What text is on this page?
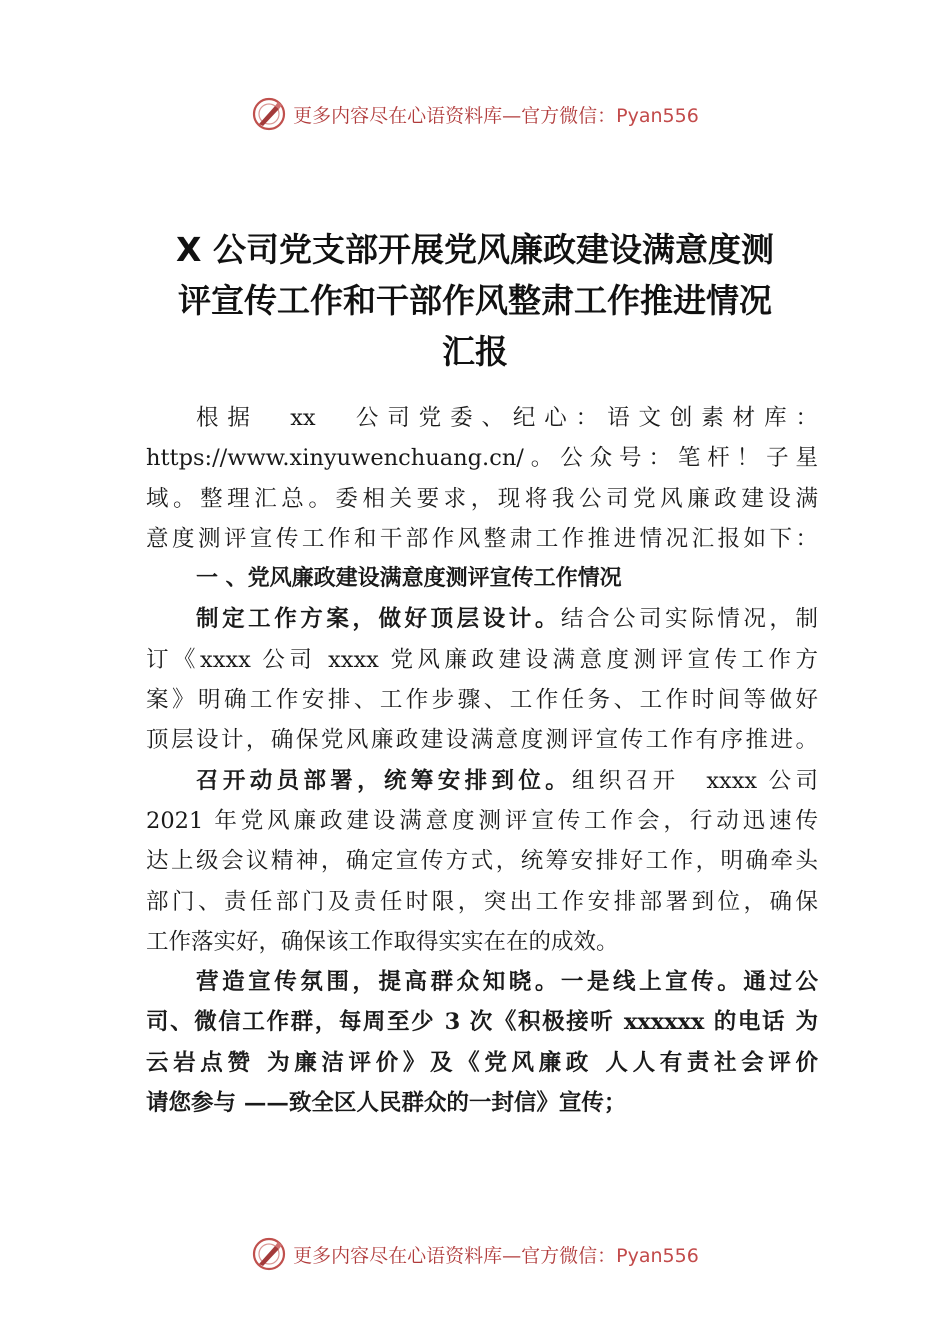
更多内容尽在心语资料库—官方微信：Pyan556
X 公司党支部开展党风廉政建设满意度测
评宣传工作和干部作风整肃工作推进情况
汇报
根据　xx　公司党委、纪心：语文创素材库：
https://www.xinyuwenchuang.cn/。公众号：笔杆！子星
域。整理汇总。委相关要求，现将我公司党风廉政建设满
意度测评宣传工作和干部作风整肃工作推进情况汇报如下：
一 、党风廉政建设满意度测评宣传工作情况
制定工作方案，做好顶层设计。结合公司实际情况，制
订《xxxx 公司 xxxx 党风廉政建设满意度测评宣传工作方
案》明确工作安排、工作步骤、工作任务、工作时间等做好
顶层设计，确保党风廉政建设满意度测评宣传工作有序推进。
召开动员部署，统筹安排到位。组织召开　xxxx 公司
2021 年党风廉政建设满意度测评宣传工作会，行动迅速传
达上级会议精神，确定宣传方式，统筹安排好工作，明确牵头
部门、责任部门及责任时限，突出工作安排部署到位，确保
工作落实好，确保该工作取得实实在在的成效。
营造宣传氛围，提高群众知晓。一是线上宣传。通过公
司、微信工作群，每周至少 3 次《积极接听 xxxxxx 的电话 为
云岩点赞 为廉洁评价》及《党风廉政 人人有责社会评价
请您参与 ——致全区人民群众的一封信》宣传；
更多内容尽在心语资料库—官方微信：Pyan556
